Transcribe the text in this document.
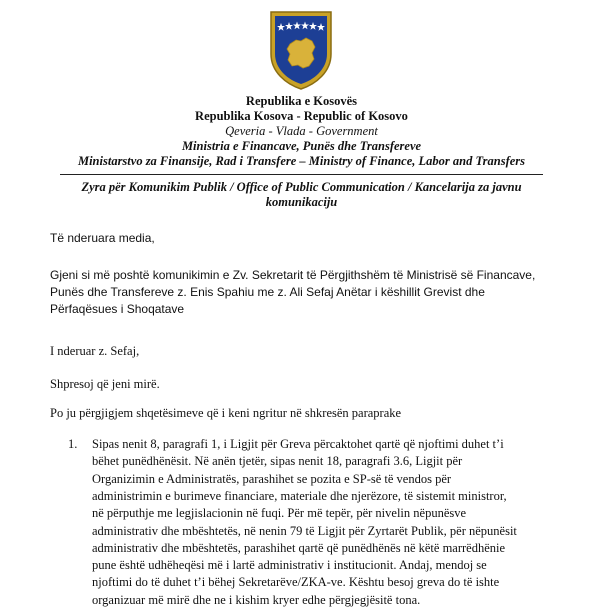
Republika e Kosovës
Republika Kosova - Republic of Kosovo
Qeveria - Vlada - Government
Ministria e Financave, Punës dhe Transfereve
Ministarstvo za Finansije, Rad i Transfere – Ministry of Finance, Labor and Transfers
Zyra për Komunikim Publik / Office of Public Communication / Kancelarija za javnu
komunikaciju
Të nderuara media,
Gjeni si më poshtë komunikimin e Zv. Sekretarit të Përgjithshëm të Ministrisë së Financave,
Punës dhe Transfereve z. Enis Spahiu me z. Ali Sefaj Anëtar i këshillit Grevist dhe
Përfaqësues i Shoqatave
I nderuar z. Sefaj,
Shpresoj që jeni mirë.
Po ju përgjigjem shqetësimeve që i keni ngritur në shkresën paraprake
1. Sipas nenit 8, paragrafi 1, i Ligjit për Greva përcaktohet qartë që njoftimi duhet t’i
bëhet punëdhënësit. Në anën tjetër, sipas nenit 18, paragrafi 3.6, Ligjit për
Organizimin e Administratës, parashihet se pozita e SP-së të vendos për
administrimin e burimeve financiare, materiale dhe njerëzore, të sistemit ministror,
në përputhje me legjislacionin në fuqi. Për më tepër, për nivelin nëpunësve
administrativ dhe mbështetës, në nenin 79 të Ligjit për Zyrtarët Publik, për nëpunësit
administrativ dhe mbështetës, parashihet qartë që punëdhënës në këtë marrëdhënie
pune është udhëheqësi më i lartë administrativ i institucionit. Andaj, mendoj se
njoftimi do të duhet t’i bëhej Sekretarëve/ZKA-ve. Kështu besoj greva do të ishte
organizuar më mirë dhe ne i kishim kryer edhe përgjegjësitë tona.
